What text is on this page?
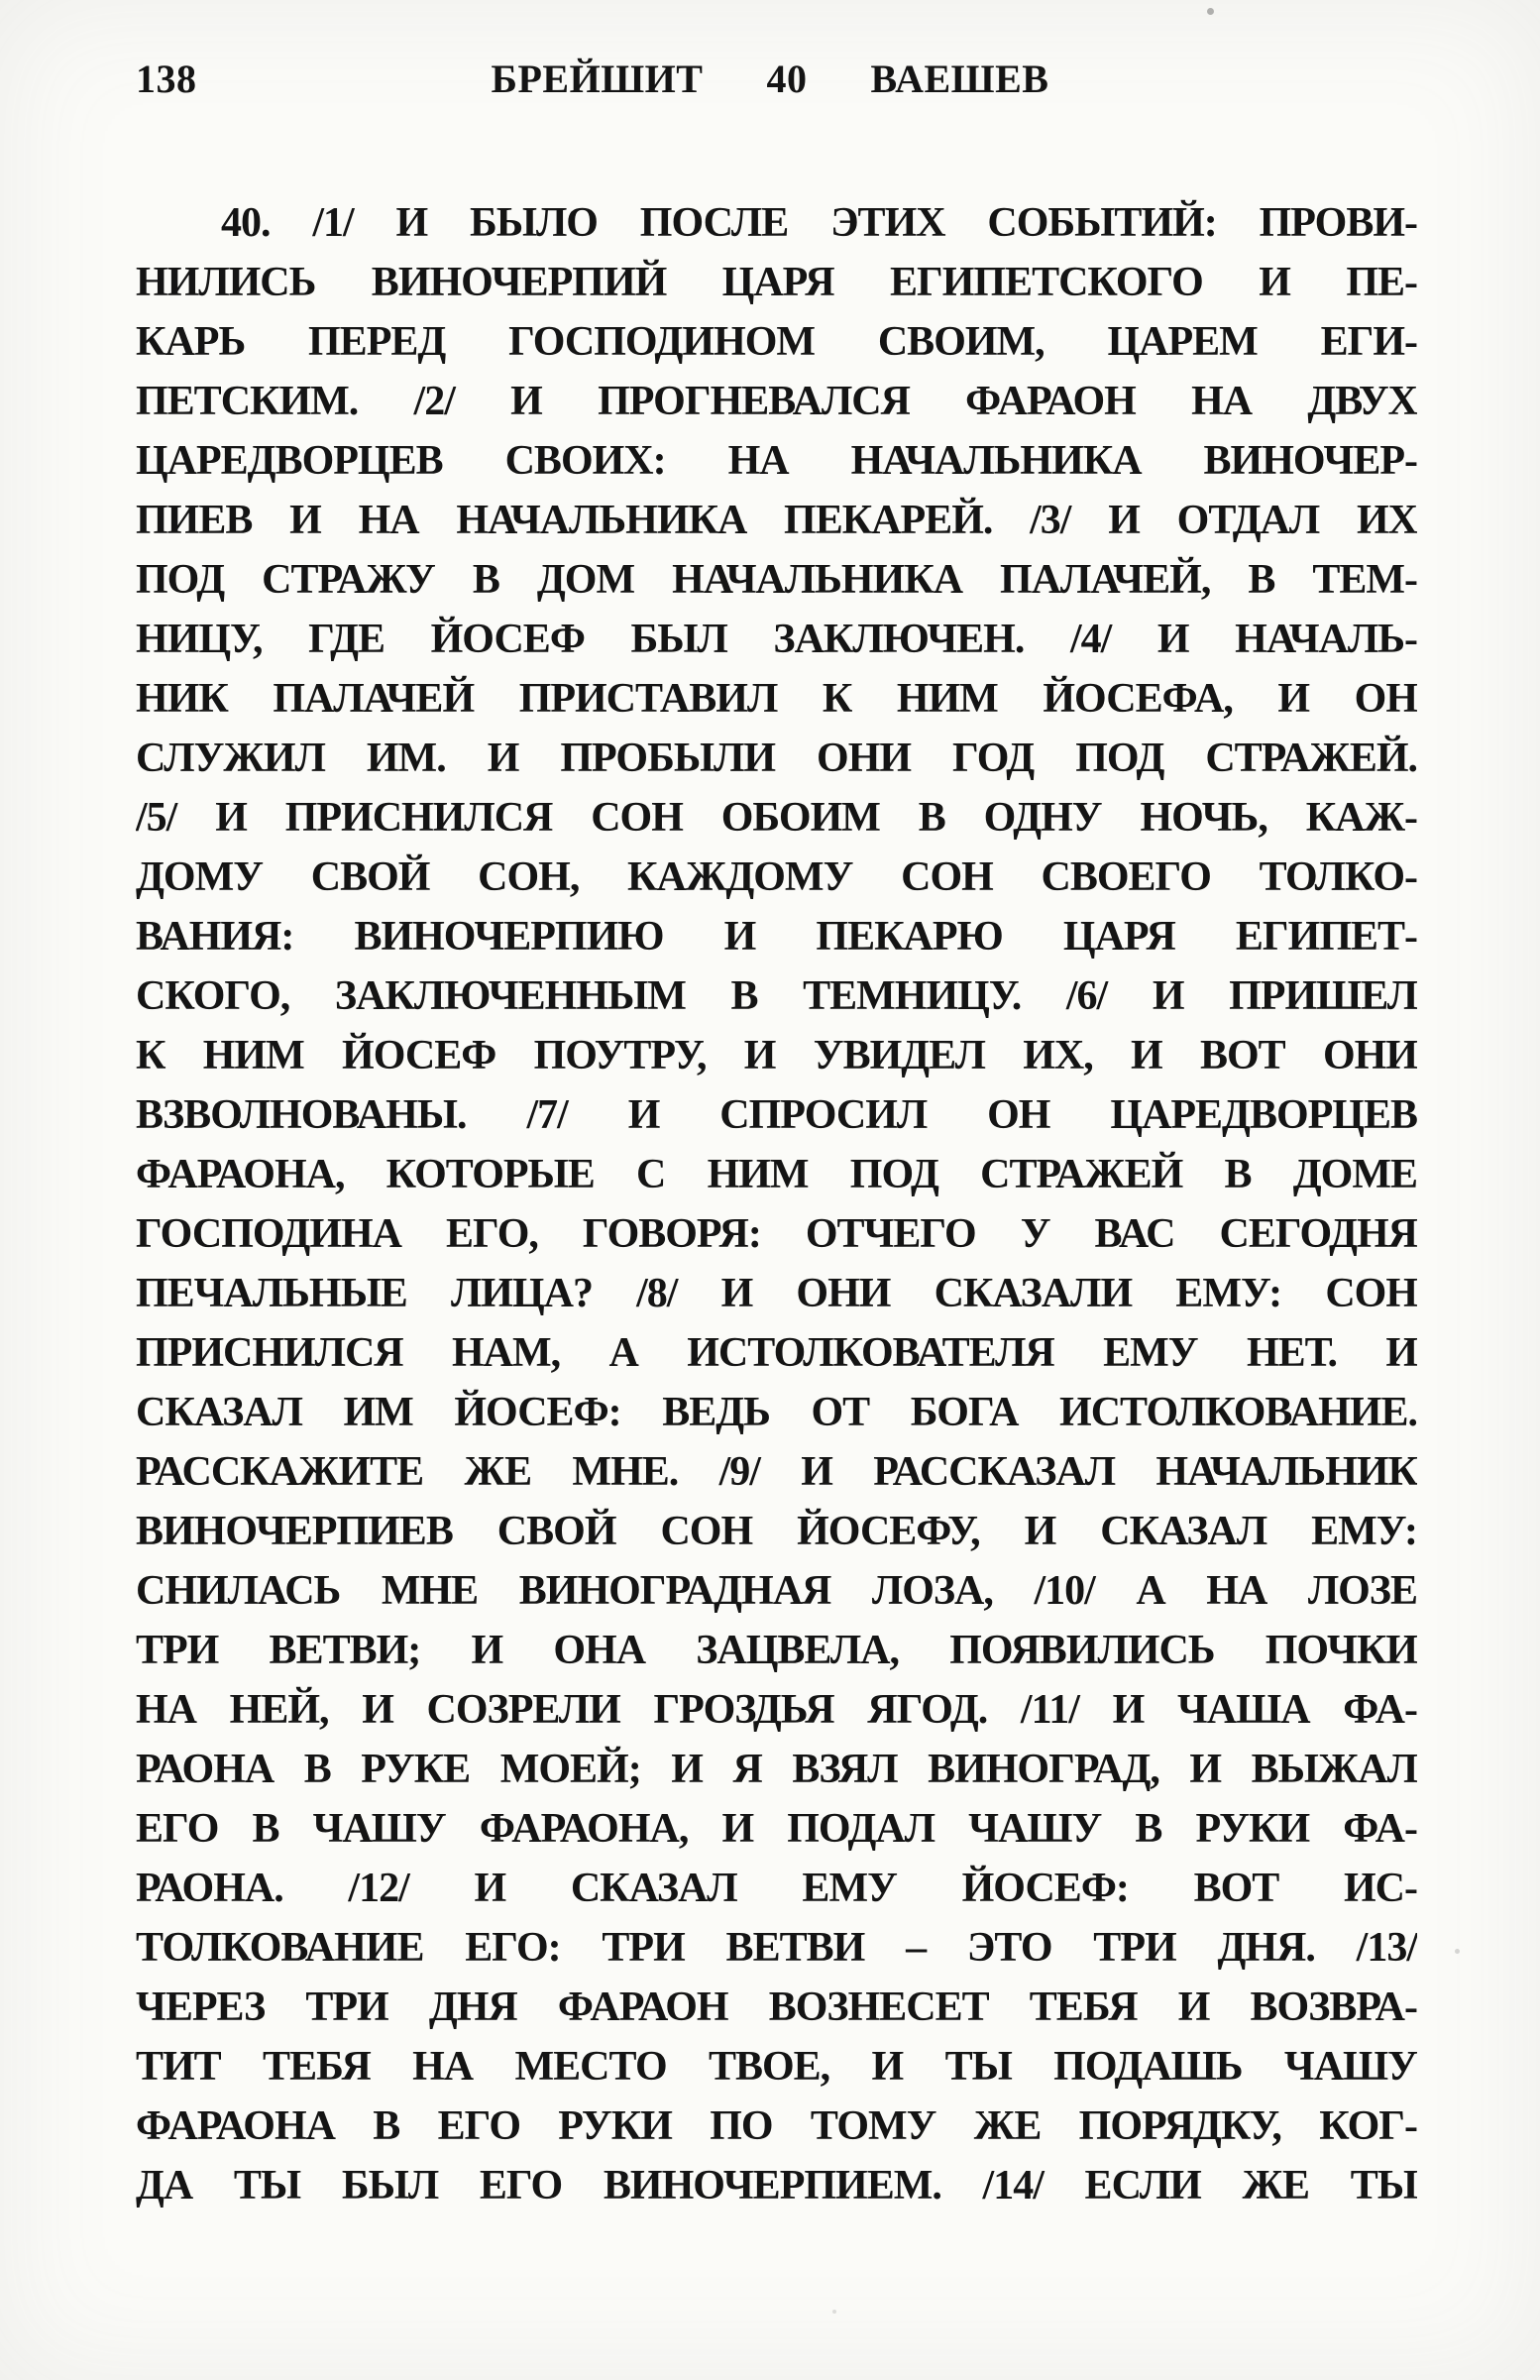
138	БРЕЙШИТ 40 ВАЕШЕВ
40. /1/ И БЫЛО ПОСЛЕ ЭТИХ СОБЫТИЙ: ПРОВИ-
НИЛИСЬ ВИНОЧЕРПИЙ ЦАРЯ ЕГИПЕТСКОГО И ПЕ-
КАРЬ ПЕРЕД ГОСПОДИНОМ СВОИМ, ЦАРЕМ ЕГИ-
ПЕТСКИМ. /2/ И ПРОГНЕВАЛСЯ ФАРАОН НА ДВУХ
ЦАРЕДВОРЦЕВ СВОИХ: НА НАЧАЛЬНИКА ВИНОЧЕР-
ПИЕВ И НА НАЧАЛЬНИКА ПЕКАРЕЙ. /3/ И ОТДАЛ ИХ
ПОД СТРАЖУ В ДОМ НАЧАЛЬНИКА ПАЛАЧЕЙ, В ТЕМ-
НИЦУ, ГДЕ ЙОСЕФ БЫЛ ЗАКЛЮЧЕН. /4/ И НАЧАЛЬ-
НИК ПАЛАЧЕЙ ПРИСТАВИЛ К НИМ ЙОСЕФА, И ОН
СЛУЖИЛ ИМ. И ПРОБЫЛИ ОНИ ГОД ПОД СТРАЖЕЙ.
/5/ И ПРИСНИЛСЯ СОН ОБОИМ В ОДНУ НОЧЬ, КАЖ-
ДОМУ СВОЙ СОН, КАЖДОМУ СОН СВОЕГО ТОЛКО-
ВАНИЯ: ВИНОЧЕРПИЮ И ПЕКАРЮ ЦАРЯ ЕГИПЕТ-
СКОГО, ЗАКЛЮЧЕННЫМ В ТЕМНИЦУ. /6/ И ПРИШЕЛ
К НИМ ЙОСЕФ ПОУТРУ, И УВИДЕЛ ИХ, И ВОТ ОНИ
ВЗВОЛНОВАНЫ. /7/ И СПРОСИЛ ОН ЦАРЕДВОРЦЕВ
ФАРАОНА, КОТОРЫЕ С НИМ ПОД СТРАЖЕЙ В ДОМЕ
ГОСПОДИНА ЕГО, ГОВОРЯ: ОТЧЕГО У ВАС СЕГОДНЯ
ПЕЧАЛЬНЫЕ ЛИЦА? /8/ И ОНИ СКАЗАЛИ ЕМУ: СОН
ПРИСНИЛСЯ НАМ, А ИСТОЛКОВАТЕЛЯ ЕМУ НЕТ. И
СКАЗАЛ ИМ ЙОСЕФ: ВЕДЬ ОТ БОГА ИСТОЛКОВАНИЕ.
РАССКАЖИТЕ ЖЕ МНЕ. /9/ И РАССКАЗАЛ НАЧАЛЬНИК
ВИНОЧЕРПИЕВ СВОЙ СОН ЙОСЕФУ, И СКАЗАЛ ЕМУ:
СНИЛАСЬ МНЕ ВИНОГРАДНАЯ ЛОЗА, /10/ А НА ЛОЗЕ
ТРИ ВЕТВИ; И ОНА ЗАЦВЕЛА, ПОЯВИЛИСЬ ПОЧКИ
НА НЕЙ, И СОЗРЕЛИ ГРОЗДЬЯ ЯГОД. /11/ И ЧАША ФА-
РАОНА В РУКЕ МОЕЙ; И Я ВЗЯЛ ВИНОГРАД, И ВЫЖАЛ
ЕГО В ЧАШУ ФАРАОНА, И ПОДАЛ ЧАШУ В РУКИ ФА-
РАОНА. /12/ И СКАЗАЛ ЕМУ ЙОСЕФ: ВОТ ИС-
ТОЛКОВАНИЕ ЕГО: ТРИ ВЕТВИ – ЭТО ТРИ ДНЯ. /13/
ЧЕРЕЗ ТРИ ДНЯ ФАРАОН ВОЗНЕСЕТ ТЕБЯ И ВОЗВРА-
ТИТ ТЕБЯ НА МЕСТО ТВОЕ, И ТЫ ПОДАШЬ ЧАШУ
ФАРАОНА В ЕГО РУКИ ПО ТОМУ ЖЕ ПОРЯДКУ, КОГ-
ДА ТЫ БЫЛ ЕГО ВИНОЧЕРПИЕМ. /14/ ЕСЛИ ЖЕ ТЫ
